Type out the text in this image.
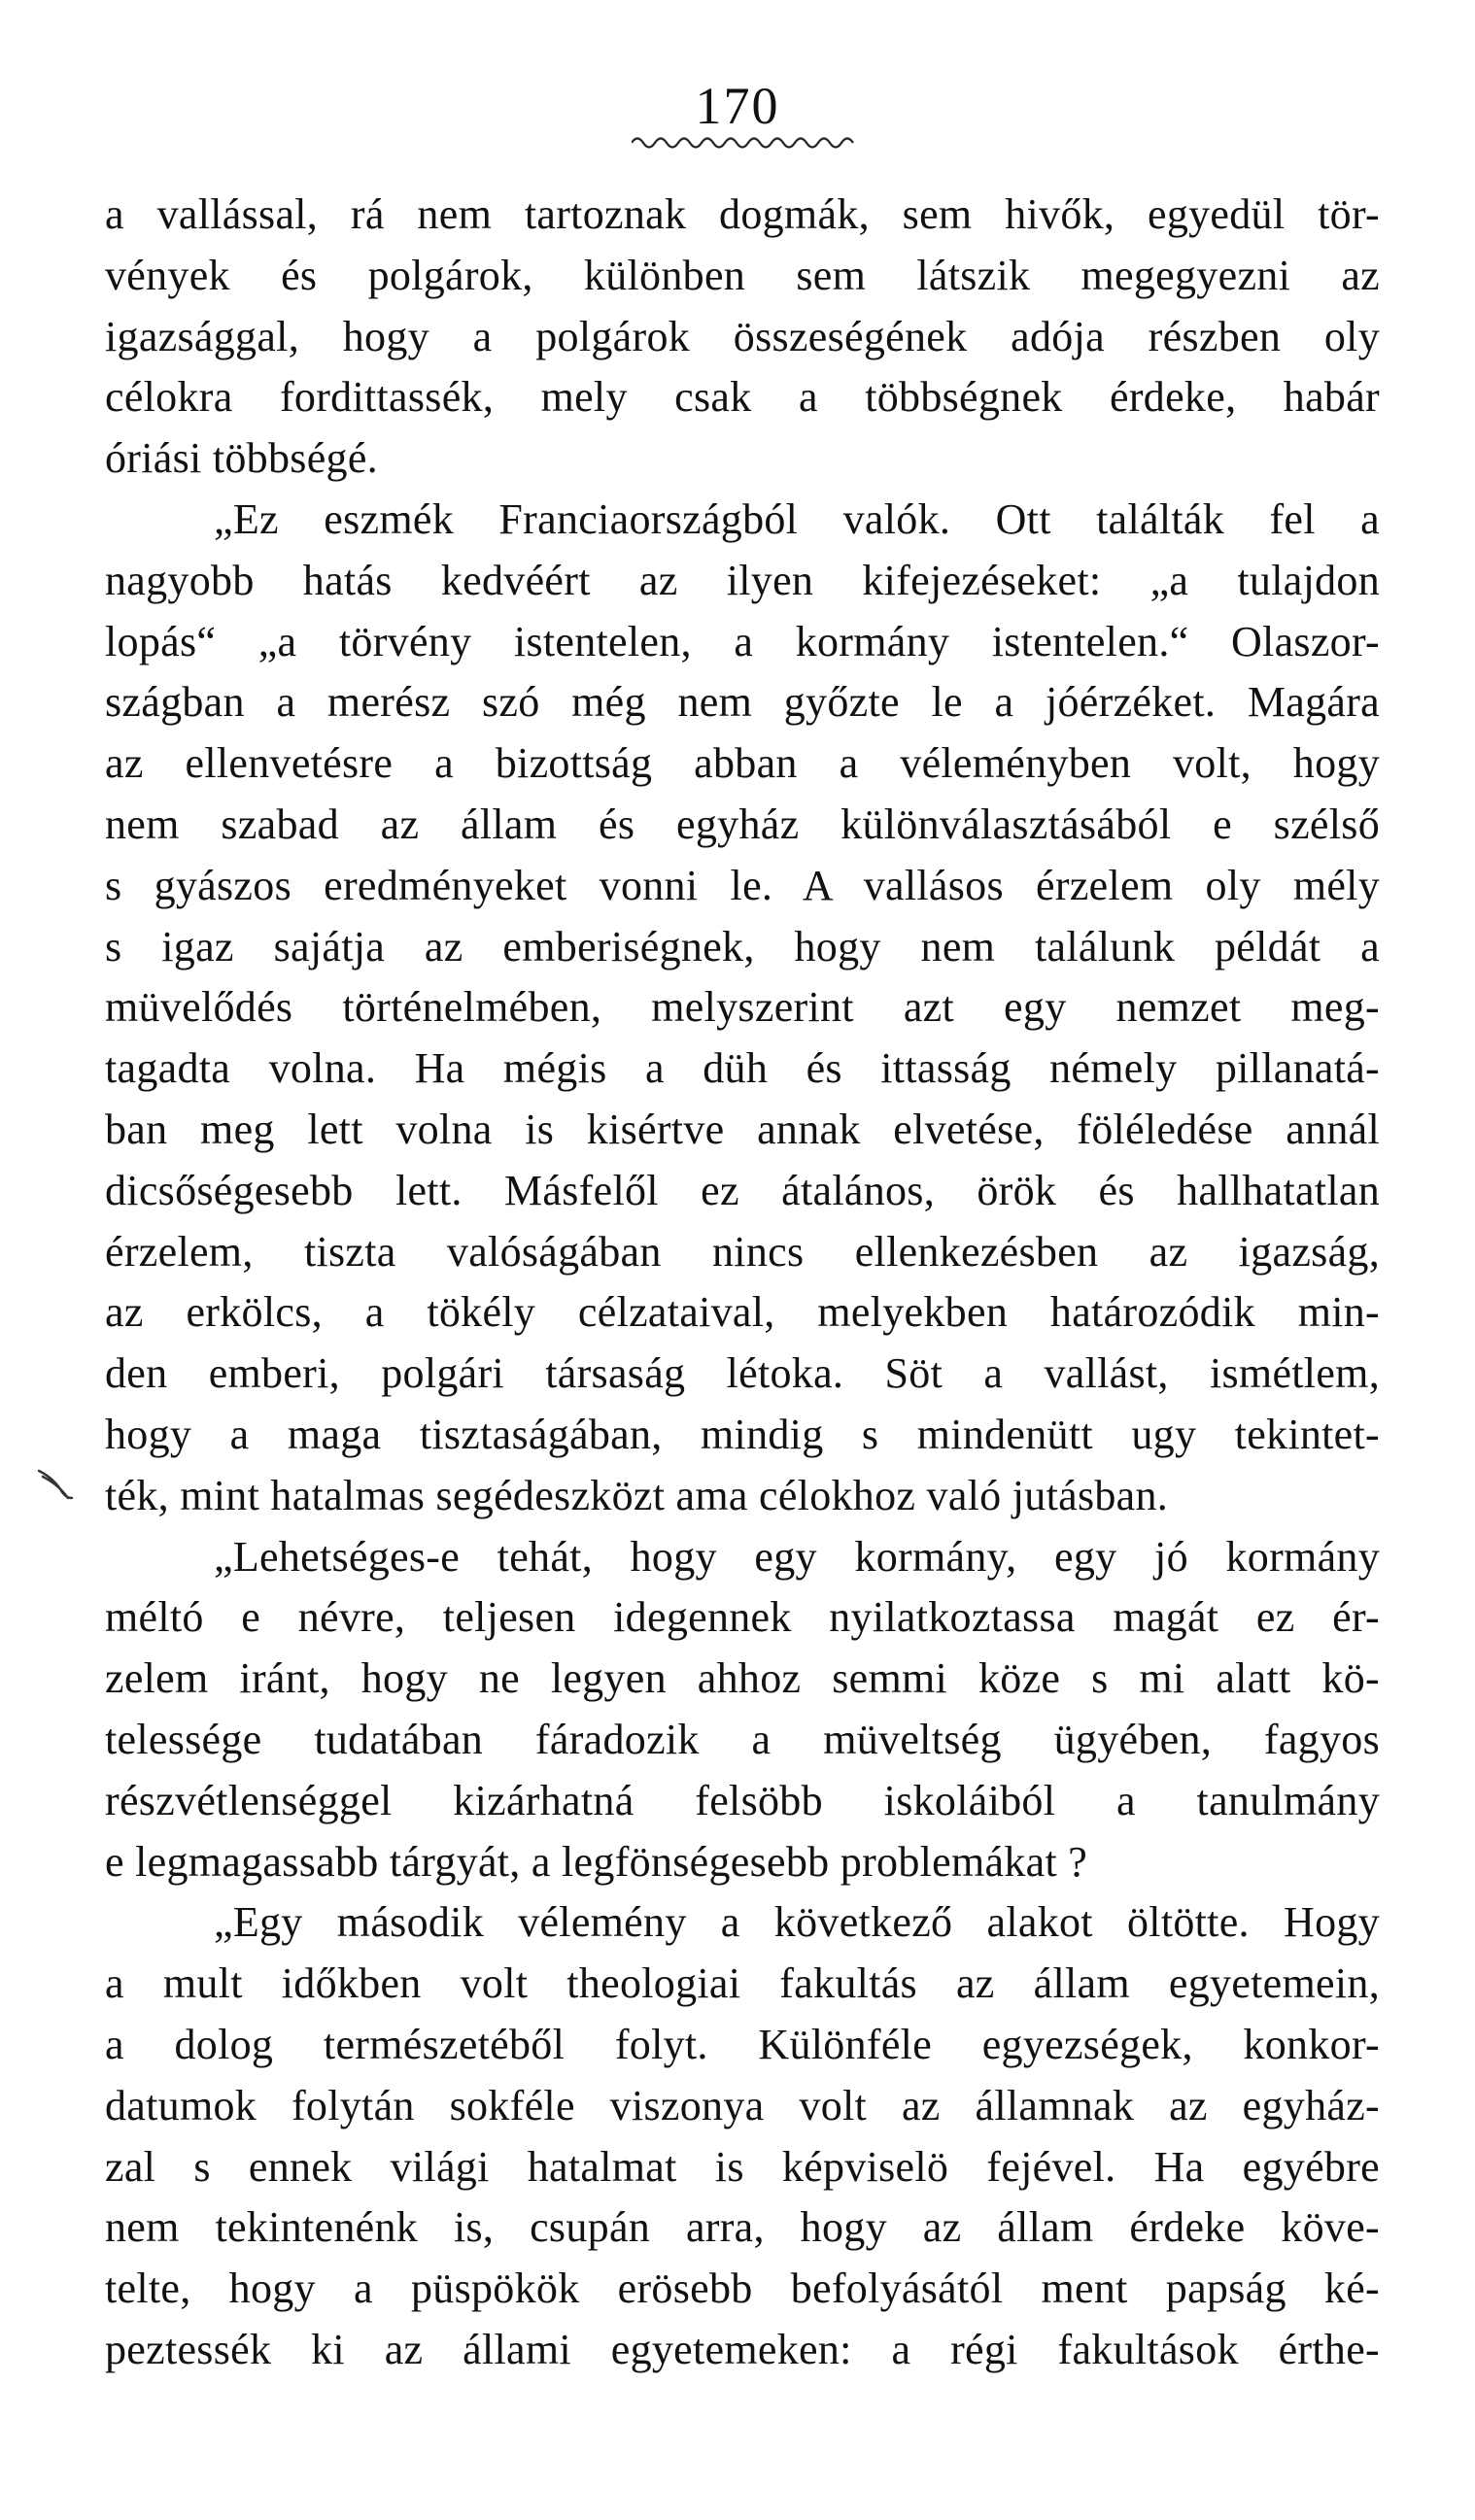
170
a vallással, rá nem tartoznak dogmák, sem hivők, egyedül tör-
vények és polgárok, különben sem látszik megegyezni az
igazsággal, hogy a polgárok összeségének adója részben oly
célokra fordittassék, mely csak a többségnek érdeke, habár
óriási többségé.
„Ez eszmék Franciaországból valók. Ott találták fel a
nagyobb hatás kedvéért az ilyen kifejezéseket: „a tulajdon
lopás“ „a törvény istentelen, a kormány istentelen.“ Olaszor-
szágban a merész szó még nem győzte le a jóérzéket. Magára
az ellenvetésre a bizottság abban a véleményben volt, hogy
nem szabad az állam és egyház különválasztásából e szélső
s gyászos eredményeket vonni le. A vallásos érzelem oly mély
s igaz sajátja az emberiségnek, hogy nem találunk példát a
müvelődés történelmében, melyszerint azt egy nemzet meg-
tagadta volna. Ha mégis a düh és ittasság némely pillanatá-
ban meg lett volna is kisértve annak elvetése, föléledése annál
dicsőségesebb lett. Másfelől ez átalános, örök és hallhatatlan
érzelem, tiszta valóságában nincs ellenkezésben az igazság,
az erkölcs, a tökély célzataival, melyekben határozódik min-
den emberi, polgári társaság létoka. Söt a vallást, ismétlem,
hogy a maga tisztaságában, mindig s mindenütt ugy tekintet-
ték, mint hatalmas segédeszközt ama célokhoz való jutásban.
„Lehetséges-e tehát, hogy egy kormány, egy jó kormány
méltó e névre, teljesen idegennek nyilatkoztassa magát ez ér-
zelem iránt, hogy ne legyen ahhoz semmi köze s mi alatt kö-
telessége tudatában fáradozik a müveltség ügyében, fagyos
részvétlenséggel kizárhatná felsöbb iskoláiból a tanulmány
e legmagassabb tárgyát, a legfönségesebb problemákat ?
„Egy második vélemény a következő alakot öltötte. Hogy
a mult időkben volt theologiai fakultás az állam egyetemein,
a dolog természetéből folyt. Különféle egyezségek, konkor-
datumok folytán sokféle viszonya volt az államnak az egyház-
zal s ennek világi hatalmat is képviselö fejével. Ha egyébre
nem tekintenénk is, csupán arra, hogy az állam érdeke köve-
telte, hogy a püspökök erösebb befolyásától ment papság ké-
peztessék ki az állami egyetemeken: a régi fakultások érthe-
